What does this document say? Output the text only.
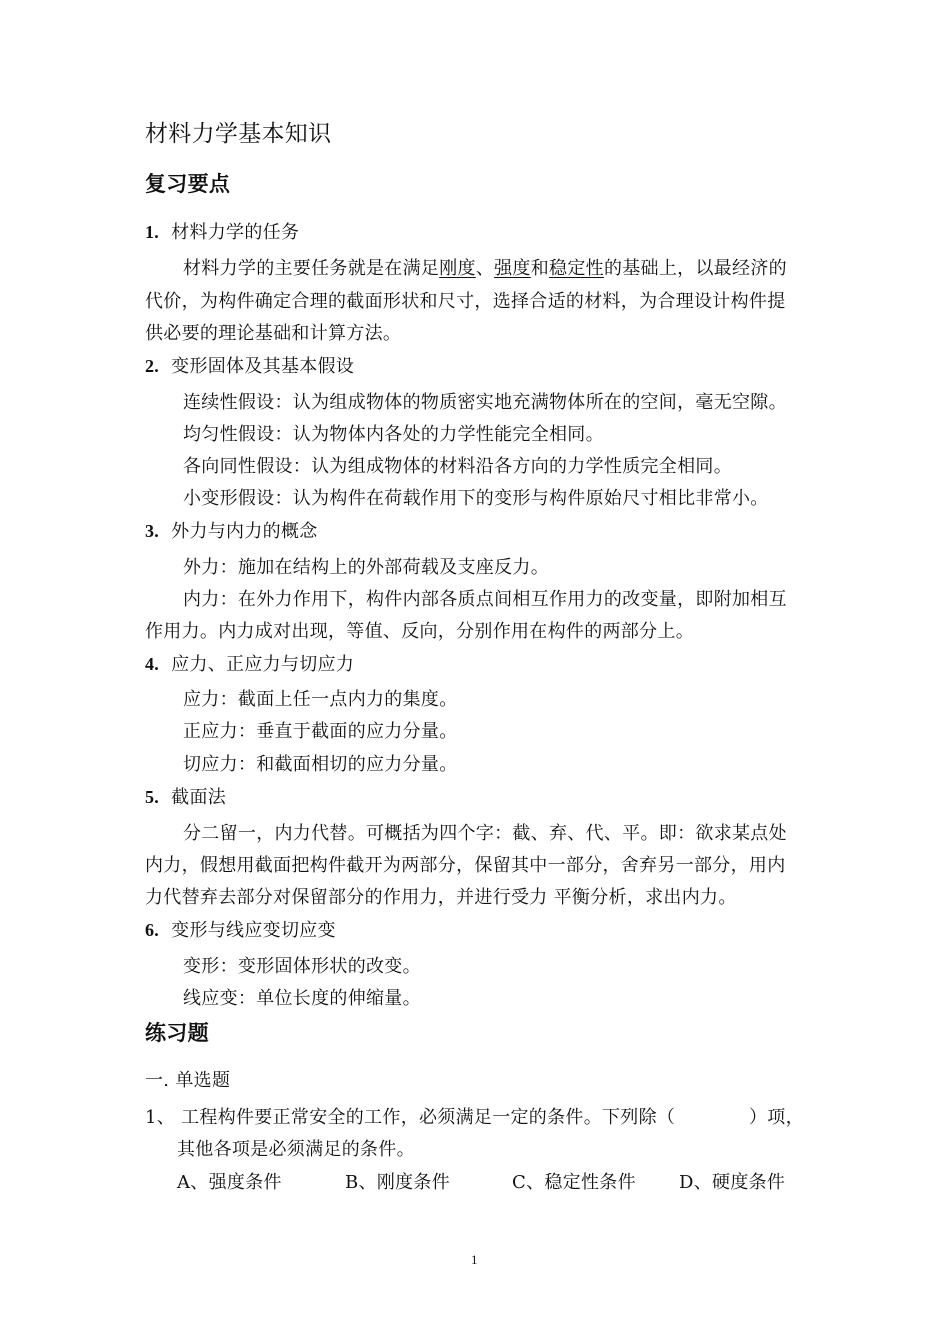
材料力学基本知识
复习要点
1. 材料力学的任务
材料力学的主要任务就是在满足刚度、强度和稳定性的基础上，以最经济的
代价，为构件确定合理的截面形状和尺寸，选择合适的材料，为合理设计构件提
供必要的理论基础和计算方法。
2. 变形固体及其基本假设
连续性假设：认为组成物体的物质密实地充满物体所在的空间，毫无空隙。
均匀性假设：认为物体内各处的力学性能完全相同。
各向同性假设：认为组成物体的材料沿各方向的力学性质完全相同。
小变形假设：认为构件在荷载作用下的变形与构件原始尺寸相比非常小。
3. 外力与内力的概念
外力：施加在结构上的外部荷载及支座反力。
内力：在外力作用下，构件内部各质点间相互作用力的改变量，即附加相互
作用力。内力成对出现，等值、反向，分别作用在构件的两部分上。
4. 应力、正应力与切应力
应力：截面上任一点内力的集度。
正应力：垂直于截面的应力分量。
切应力：和截面相切的应力分量。
5. 截面法
分二留一，内力代替。可概括为四个字：截、弃、代、平。即：欲求某点处
内力，假想用截面把构件截开为两部分，保留其中一部分，舍弃另一部分，用内
力代替弃去部分对保留部分的作用力，并进行受力 平衡分析，求出内力。
6. 变形与线应变切应变
变形：变形固体形状的改变。
线应变：单位长度的伸缩量。
练习题
一. 单选题
1、 工程构件要正常安全的工作，必须满足一定的条件。下列除（	）项，
其他各项是必须满足的条件。
A、强度条件	B、刚度条件	C、稳定性条件 D、硬度条件
1
